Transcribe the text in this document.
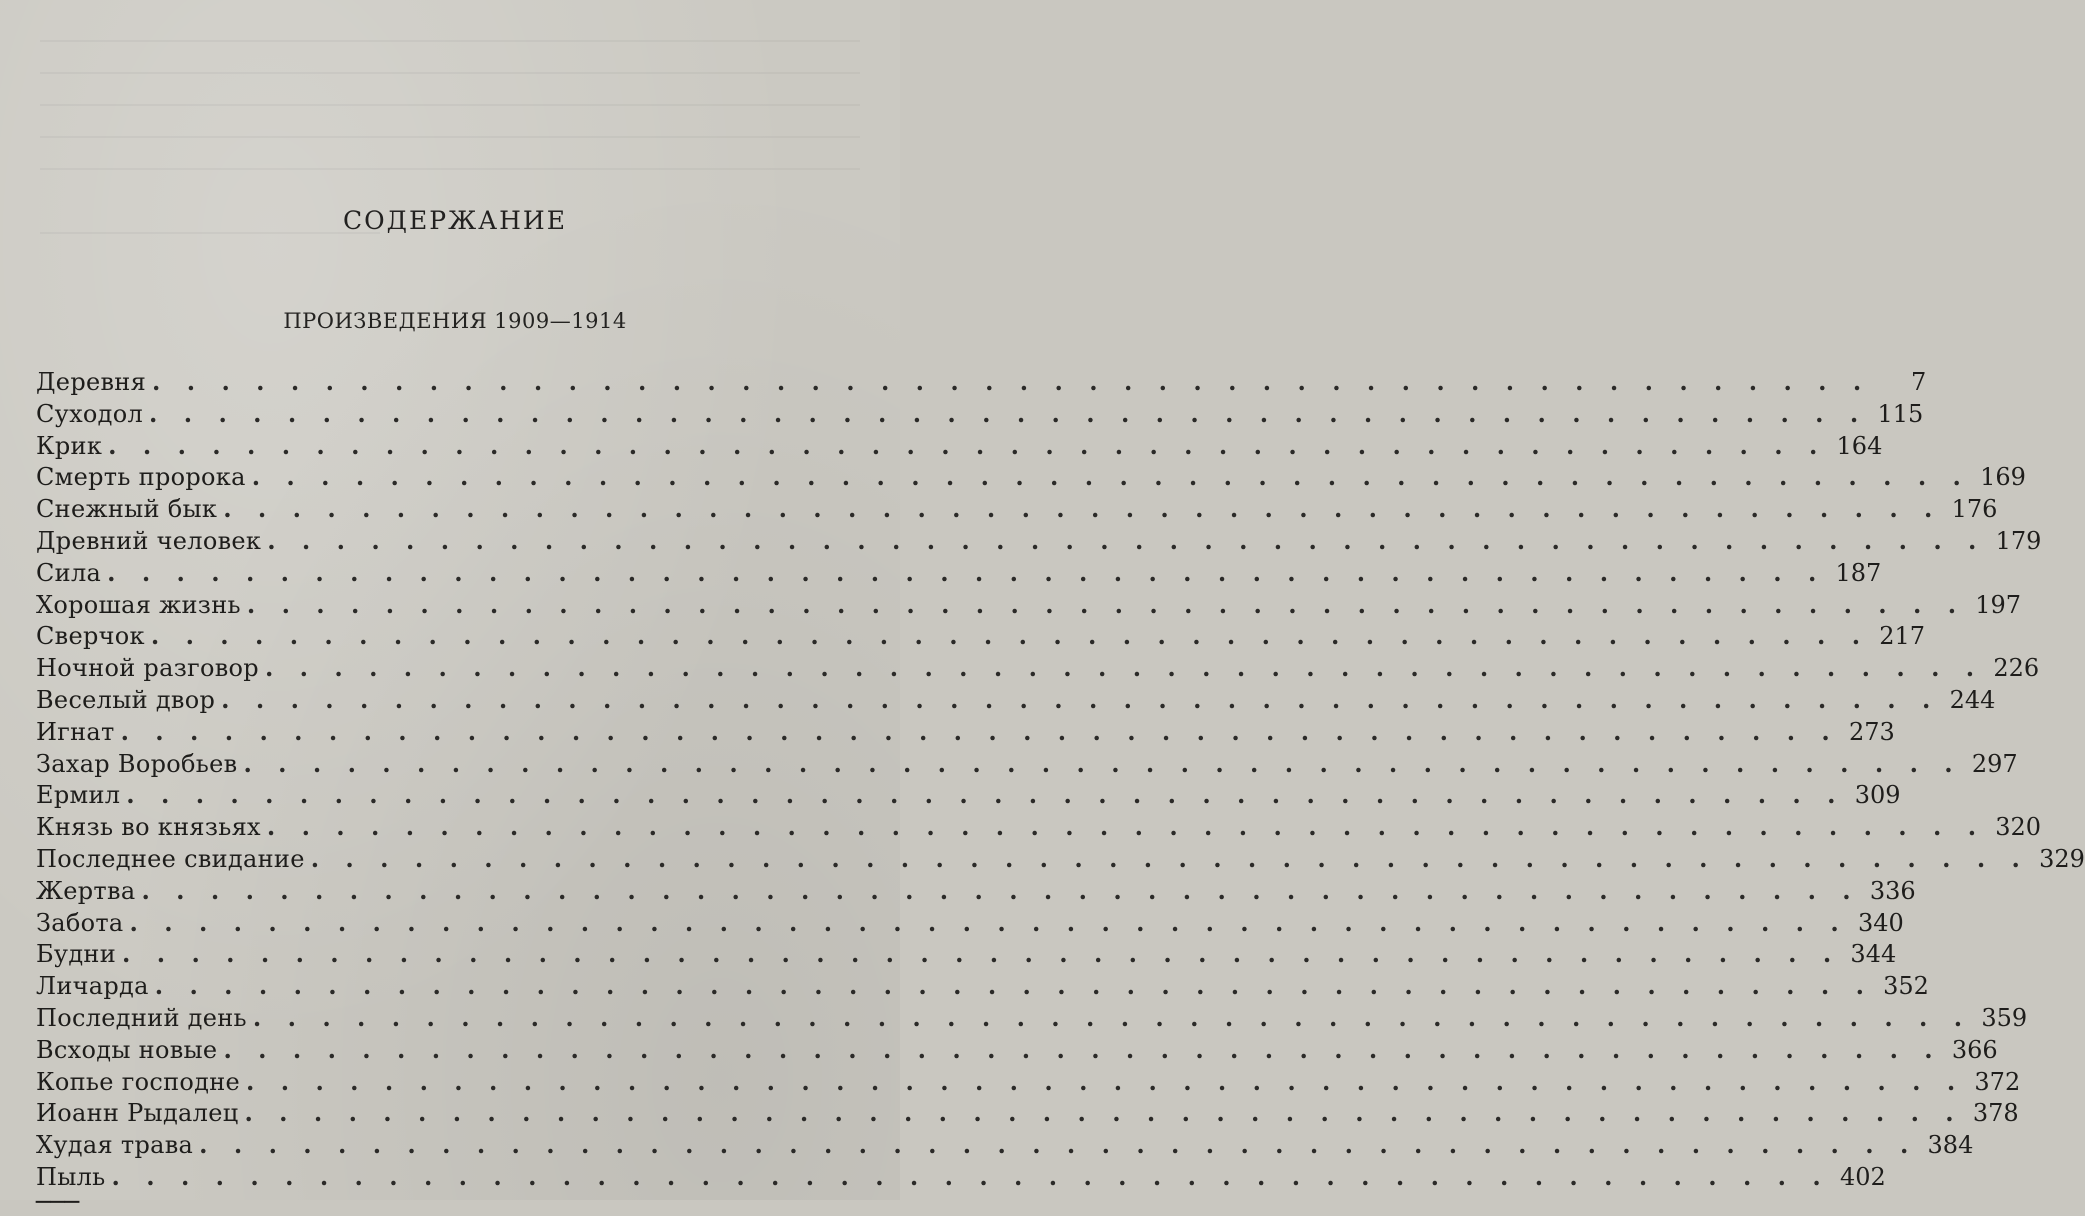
СОДЕРЖАНИЕ
ПРОИЗВЕДЕНИЯ 1909—1914
Деревня . . .	7
Суходол . . .	115
Крик . . .	164
Смерть пророка . . .	169
Снежный бык . . .	176
Древний человек . . .	179
Сила . . .	187
Хорошая жизнь . . .	197
Сверчок . . .	217
Ночной разговор . . .	226
Веселый двор . . .	244
Игнат . . .	273
Захар Воробьев . . .	297
Ермил . . .	309
Князь во князьях . . .	320
Последнее свидание . . .	329
Жертва . . .	336
Забота . . .	340
Будни . . .	344
Личарда . . .	352
Последний день . . .	359
Всходы новые . . .	366
Копье господне . . .	372
Иоанн Рыдалец . . .	378
Худая трава . . .	384
Пыль . . .	402
───
